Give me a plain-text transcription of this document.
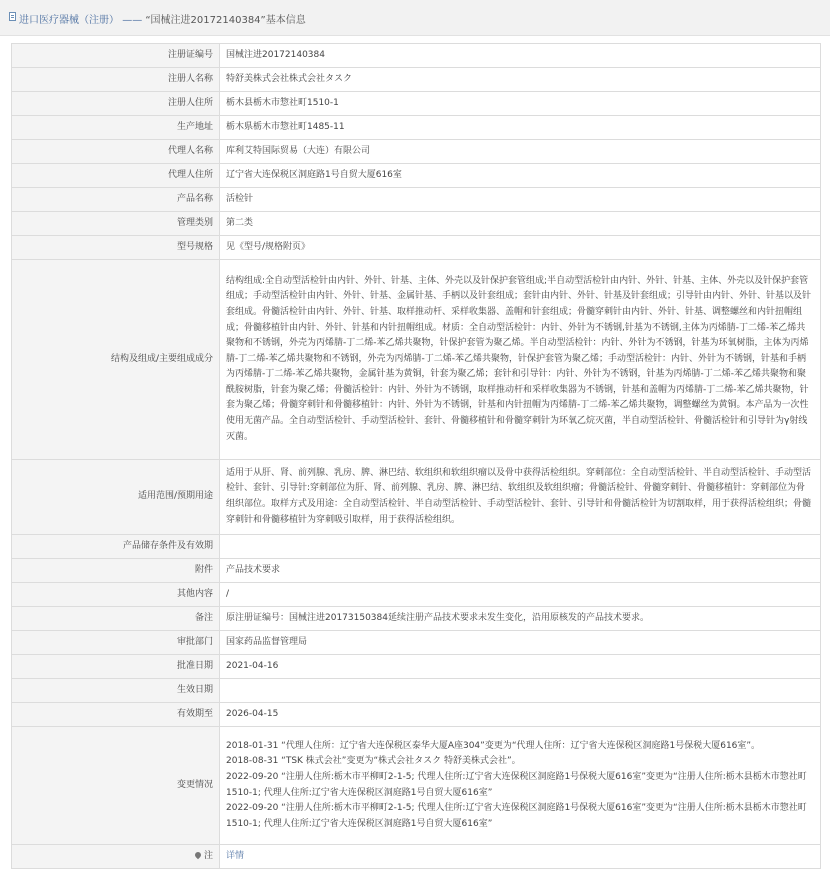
进口医疗器械（注册） —— “国械注进20172140384”基本信息
注册证编号	国械注进20172140384
注册人名称	特舒美株式会社株式会社タスク
注册人住所	栃木县栃木市惣社町1510-1
生产地址	栃木県栃木市惣社町1485-11
代理人名称	库利艾特国际贸易（大连）有限公司
代理人住所	辽宁省大连保税区洞庭路1号自贸大厦616室
产品名称	活检针
管理类别	第二类
型号规格	见《型号/规格附页》
结构及组成/主要组成成分	结构组成:全自动型活检针由内针、外针、针基、主体、外壳以及针保护套管组成;半自动型活检针由内针、外针、针基、主体、外壳以及针保护套管组成；手动型活检针由内针、外针、针基、金属针基、手柄以及针套组成；套针由内针、外针、针基及针套组成；引导针由内针、外针、针基以及针套组成。骨髓活检针由内针、外针、针基、取样推动杆、采样收集器、盖帽和针套组成；骨髓穿刺针由内针、外针、针基、调整螺丝和内针扭帽组成；骨髓移植针由内针、外针、针基和内针扭帽组成。材质：全自动型活检针：内针、外针为不锈钢,针基为不锈钢,主体为丙烯腈-丁二烯-苯乙烯共聚物和不锈钢，外壳为丙烯腈-丁二烯-苯乙烯共聚物，针保护套管为聚乙烯。半自动型活检针：内针、外针为不锈钢，针基为环氧树脂，主体为丙烯腈-丁二烯-苯乙烯共聚物和不锈钢，外壳为丙烯腈-丁二烯-苯乙烯共聚物，针保护套管为聚乙烯；手动型活检针：内针、外针为不锈钢，针基和手柄为丙烯腈-丁二烯-苯乙烯共聚物，金属针基为黄铜，针套为聚乙烯；套针和引导针：内针、外针为不锈钢，针基为丙烯腈-丁二烯-苯乙烯共聚物和聚酰胺树脂，针套为聚乙烯；骨髓活检针：内针、外针为不锈钢，取样推动杆和采样收集器为不锈钢，针基和盖帽为丙烯腈-丁二烯-苯乙烯共聚物，针套为聚乙烯；骨髓穿刺针和骨髓移植针：内针、外针为不锈钢，针基和内针扭帽为丙烯腈-丁二烯-苯乙烯共聚物，调整螺丝为黄铜。本产品为一次性使用无菌产品。全自动型活检针、手动型活检针、套针、骨髓移植针和骨髓穿刺针为环氧乙烷灭菌，半自动型活检针、骨髓活检针和引导针为γ射线灭菌。
适用范围/预期用途	适用于从肝、肾、前列腺、乳房、脾、淋巴结、软组织和软组织瘤以及骨中获得活检组织。穿刺部位：全自动型活检针、半自动型活检针、手动型活检针、套针、引导针:穿刺部位为肝、肾、前列腺、乳房、脾、淋巴结、软组织及软组织瘤；骨髓活检针、骨髓穿刺针、骨髓移植针：穿刺部位为骨组织部位。取样方式及用途：全自动型活检针、半自动型活检针、手动型活检针、套针、引导针和骨髓活检针为切割取样，用于获得活检组织；骨髓穿刺针和骨髓移植针为穿刺吸引取样，用于获得活检组织。
产品储存条件及有效期	
附件	产品技术要求
其他内容	/
备注	原注册证编号：国械注进20173150384延续注册产品技术要求未发生变化，沿用原核发的产品技术要求。
审批部门	国家药品监督管理局
批准日期	2021-04-16
生效日期	
有效期至	2026-04-15
变更情况	2018-01-31 “代理人住所：辽宁省大连保税区泰华大厦A座304”变更为“代理人住所：辽宁省大连保税区洞庭路1号保税大厦616室”。
2018-08-31 “TSK 株式会社”变更为“株式会社タスク 特舒美株式会社”。
2022-09-20 “注册人住所:栃木市平柳町2-1-5; 代理人住所:辽宁省大连保税区洞庭路1号保税大厦616室”变更为“注册人住所:栃木县栃木市惣社町1510-1; 代理人住所:辽宁省大连保税区洞庭路1号自贸大厦616室”
2022-09-20 “注册人住所:栃木市平柳町2-1-5; 代理人住所:辽宁省大连保税区洞庭路1号保税大厦616室”变更为“注册人住所:栃木县栃木市惣社町1510-1; 代理人住所:辽宁省大连保税区洞庭路1号自贸大厦616室”

注	详情
